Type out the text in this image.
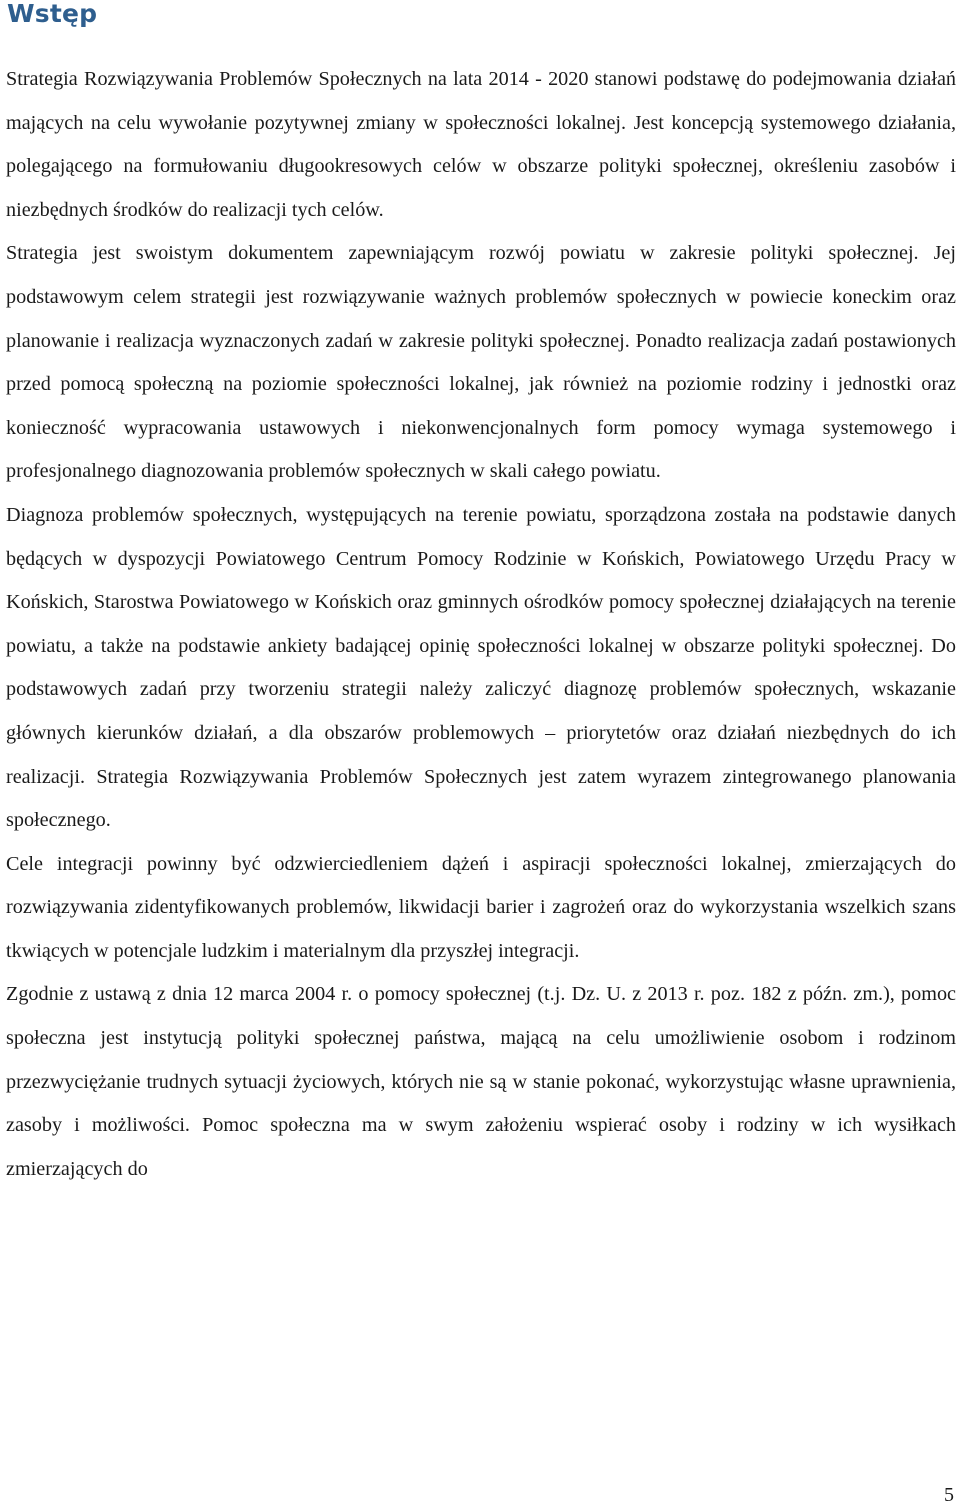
Wstęp

Strategia Rozwiązywania Problemów Społecznych na lata 2014 - 2020 stanowi podstawę do podejmowania działań mających na celu wywołanie pozytywnej zmiany w społeczności lokalnej. Jest koncepcją systemowego działania, polegającego na formułowaniu długookresowych celów w obszarze polityki społecznej, określeniu zasobów i niezbędnych środków do realizacji tych celów.

Strategia jest swoistym dokumentem zapewniającym rozwój powiatu w zakresie polityki społecznej. Jej podstawowym celem strategii jest rozwiązywanie ważnych problemów społecznych w powiecie koneckim oraz planowanie i realizacja wyznaczonych zadań w zakresie polityki społecznej. Ponadto realizacja zadań postawionych przed pomocą społeczną na poziomie społeczności lokalnej, jak również na poziomie rodziny i jednostki oraz konieczność wypracowania ustawowych i niekonwencjonalnych form pomocy wymaga systemowego i profesjonalnego diagnozowania problemów społecznych w skali całego powiatu.

Diagnoza problemów społecznych, występujących na terenie powiatu, sporządzona została na podstawie danych będących w dyspozycji Powiatowego Centrum Pomocy Rodzinie w Końskich, Powiatowego Urzędu Pracy w Końskich, Starostwa Powiatowego w Końskich oraz gminnych ośrodków pomocy społecznej działających na terenie powiatu, a także na podstawie ankiety badającej opinię społeczności lokalnej w obszarze polityki społecznej. Do podstawowych zadań przy tworzeniu strategii należy zaliczyć diagnozę problemów społecznych, wskazanie głównych kierunków działań, a dla obszarów problemowych – priorytetów oraz działań niezbędnych do ich realizacji. Strategia Rozwiązywania Problemów Społecznych jest zatem wyrazem zintegrowanego planowania społecznego.

Cele integracji powinny być odzwierciedleniem dążeń i aspiracji społeczności lokalnej, zmierzających do rozwiązywania zidentyfikowanych problemów, likwidacji barier i zagrożeń oraz do wykorzystania wszelkich szans tkwiących w potencjale ludzkim i materialnym dla przyszłej integracji.

Zgodnie z ustawą z dnia 12 marca 2004 r. o pomocy społecznej (t.j. Dz. U. z 2013 r. poz. 182 z późn. zm.), pomoc społeczna jest instytucją polityki społecznej państwa, mającą na celu umożliwienie osobom i rodzinom przezwyciężanie trudnych sytuacji życiowych, których nie są w stanie pokonać, wykorzystując własne uprawnienia, zasoby i możliwości. Pomoc społeczna ma w swym założeniu wspierać osoby i rodziny w ich wysiłkach zmierzających do

5
